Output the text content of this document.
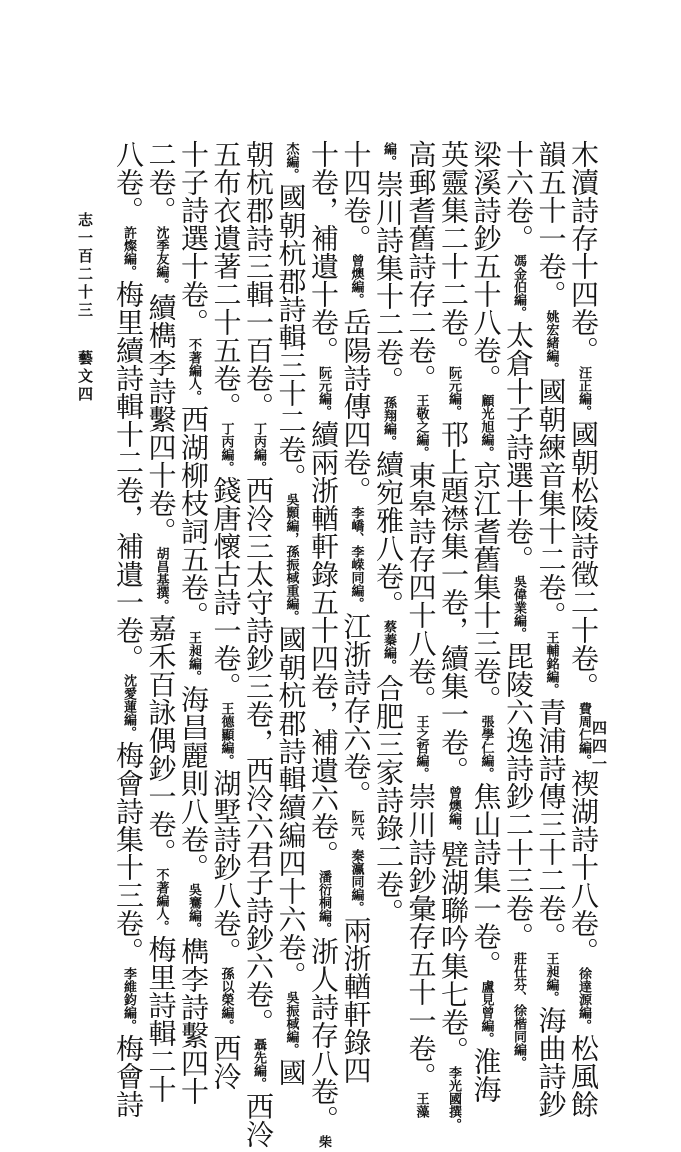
木瀆詩存十四卷。汪正編。國朝松陵詩徵二十卷。費周仁編。禊湖詩十八卷。徐達源編。松風餘
韻五十一卷。姚宏緒編。國朝練音集十二卷。王輔銘編。青浦詩傳三十二卷。王昶編。海曲詩鈔
十六卷。馮金伯編。太倉十子詩選十卷。吳偉業編。毘陵六逸詩鈔二十三卷。莊仕芬、徐楷同編。
梁溪詩鈔五十八卷。顧光旭編。京江耆舊集十三卷。張學仁編。焦山詩集一卷。盧見曾編。淮海
英靈集二十二卷。阮元編。邗上題襟集一卷，續集一卷。曾燠編。甓湖聯吟集七卷。李光國撰。
高郵耆舊詩存二卷。王敬之編。東皋詩存四十八卷。王之哲編。崇川詩鈔彙存五十一卷。王藻
編。崇川詩集十二卷。孫翔編。續宛雅八卷。蔡蓁編。合肥三家詩錄二卷。
十四卷。曾燠編。岳陽詩傳四卷。李嶠、李嵘同編。江浙詩存六卷。阮元、秦瀛同編。兩浙輶軒錄四
十卷，補遺十卷。阮元編。續兩浙輶軒錄五十四卷，補遺六卷。潘衍桐編。浙人詩存八卷。柴
杰編。國朝杭郡詩輯三十二卷。吳顥編，孫振棫重編。國朝杭郡詩輯續編四十六卷。吳振棫編。國
朝杭郡詩三輯一百卷。丁丙編。西泠三太守詩鈔三卷，西泠六君子詩鈔六卷。聶先編。西泠
五布衣遺著二十五卷。丁丙編。錢唐懷古詩一卷。王德顯編。湖墅詩鈔八卷。孫以榮編。西泠
十子詩選十卷。不著編人。西湖柳枝詞五卷。王昶編。海昌麗則八卷。吳騫編。檇李詩繫四十
二卷。沈季友編。續檇李詩繫四十卷。胡昌基撰。嘉禾百詠偶鈔一卷。不著編人。梅里詩輯二十
八卷。許燦編。梅里續詩輯十二卷，補遺一卷。沈愛蓮編。梅會詩集十三卷。李維鈞編。梅會詩
志一百二十三藝文四
四四一
